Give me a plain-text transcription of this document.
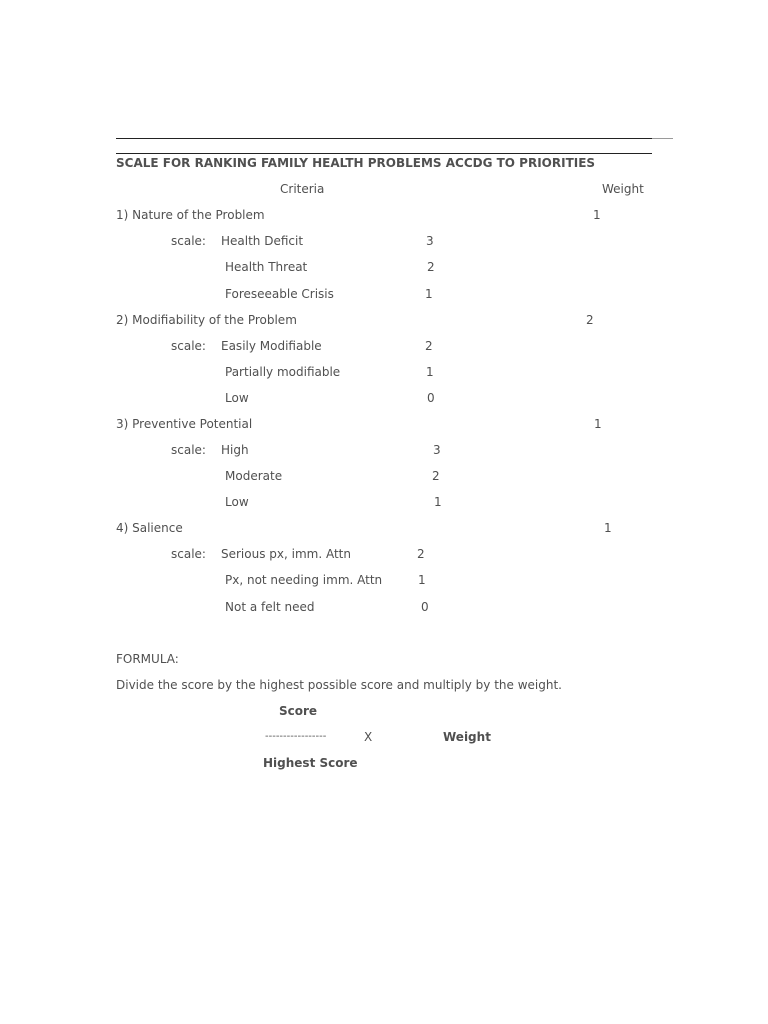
SCALE FOR RANKING FAMILY HEALTH PROBLEMS ACCDG TO PRIORITIES
Criteria	Weight
1) Nature of the Problem	1
scale: Health Deficit	3
Health Threat	2
Foreseeable Crisis	1
2) Modifiability of the Problem	2
scale: Easily Modifiable	2
Partially modifiable	1
Low	0
3) Preventive Potential	1
scale: High	3
Moderate	2
Low	1
4) Salience	1
scale: Serious px, imm. Attn	2
Px, not needing imm. Attn	1
Not a felt need	0
FORMULA:
Divide the score by the highest possible score and multiply by the weight.
Score
-----------------	X	Weight
Highest Score
